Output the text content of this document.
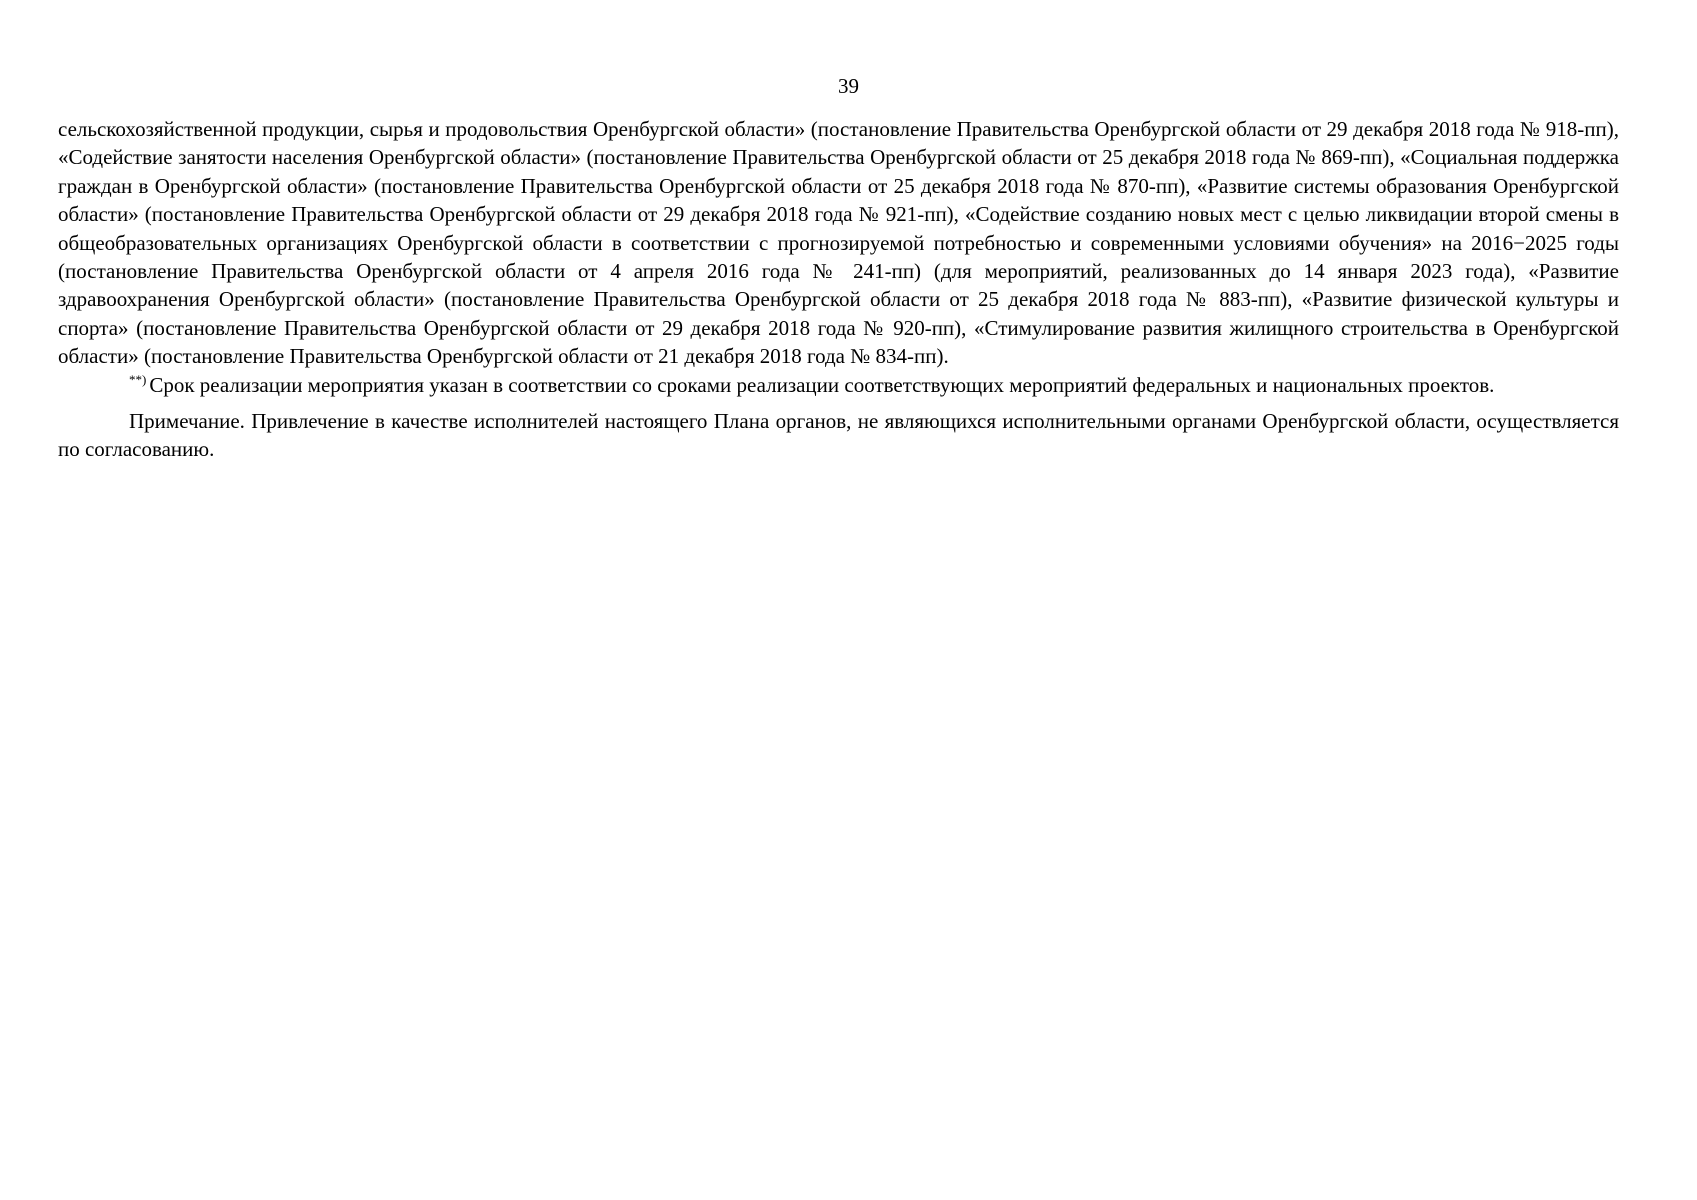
39

сельскохозяйственной продукции, сырья и продовольствия Оренбургской области» (постановление Правительства Оренбургской области от 29 декабря 2018 года № 918-пп), «Содействие занятости населения Оренбургской области» (постановление Правительства Оренбургской области от 25 декабря 2018 года № 869-пп), «Социальная поддержка граждан в Оренбургской области» (постановление Правительства Оренбургской области от 25 декабря 2018 года № 870-пп), «Развитие системы образования Оренбургской области» (постановление Правительства Оренбургской области от 29 декабря 2018 года № 921-пп), «Содействие созданию новых мест с целью ликвидации второй смены в общеобразовательных организациях Оренбургской области в соответствии с прогнозируемой потребностью и современными условиями обучения» на 2016−2025 годы (постановление Правительства Оренбургской области от 4 апреля 2016 года № 241-пп) (для мероприятий, реализованных до 14 января 2023 года), «Развитие здравоохранения Оренбургской области» (постановление Правительства Оренбургской области от 25 декабря 2018 года № 883-пп), «Развитие физической культуры и спорта» (постановление Правительства Оренбургской области от 29 декабря 2018 года № 920-пп), «Стимулирование развития жилищного строительства в Оренбургской области» (постановление Правительства Оренбургской области от 21 декабря 2018 года № 834-пп).

**) Срок реализации мероприятия указан в соответствии со сроками реализации соответствующих мероприятий федеральных и национальных проектов.

Примечание. Привлечение в качестве исполнителей настоящего Плана органов, не являющихся исполнительными органами Оренбургской области, осуществляется по согласованию.
